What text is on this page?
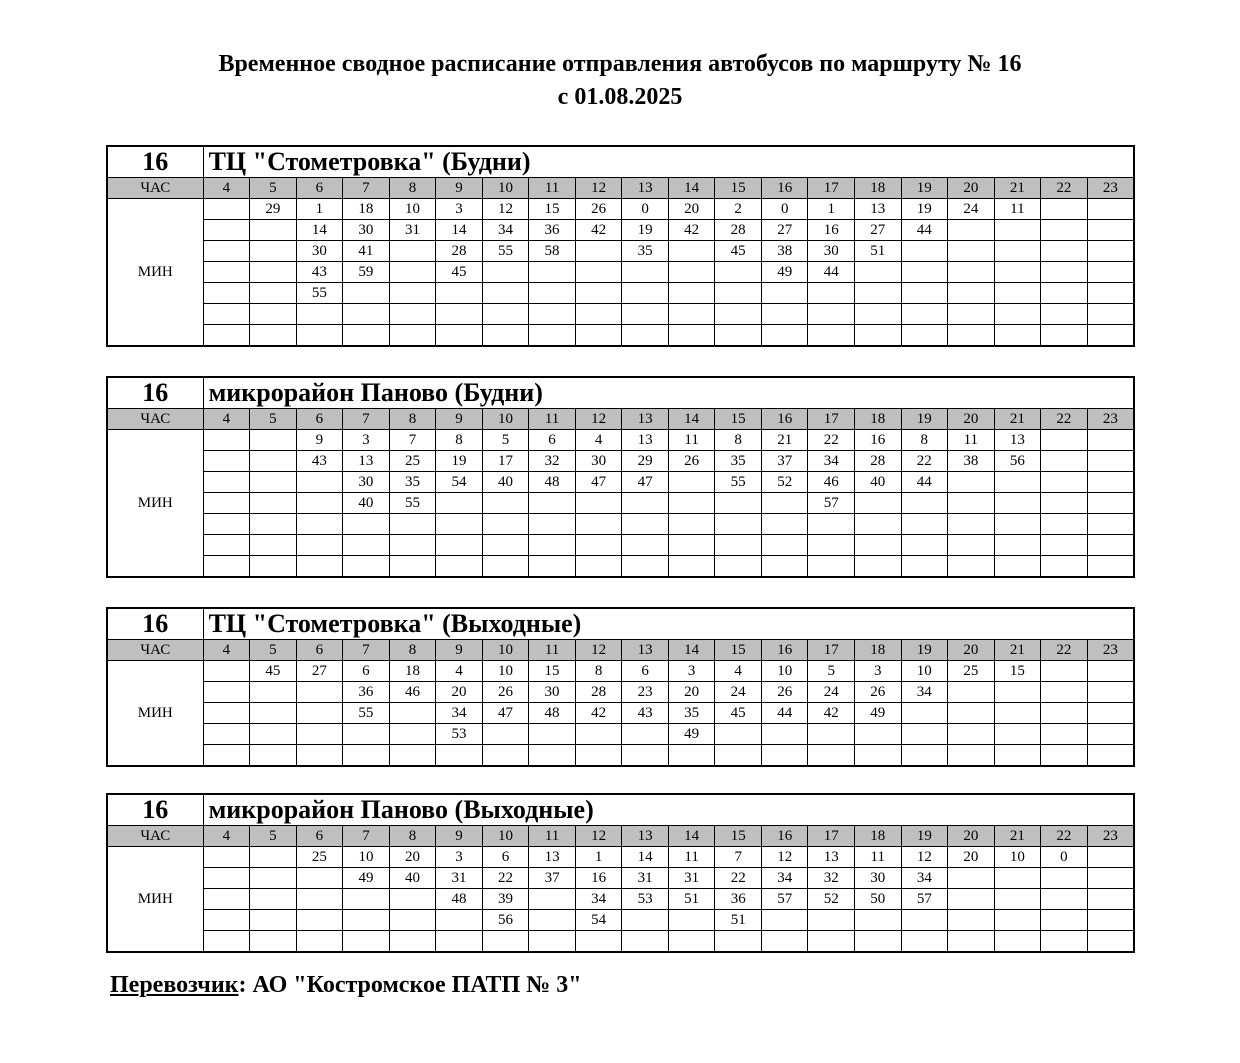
Временное сводное расписание отправления автобусов по маршруту № 16
с 01.08.2025
16	ТЦ "Стометровка" (Будни)																			
ЧАС	4	5	6	7	8	9	10	11	12	13	14	15	16	17	18	19	20	21	22	23
МИН		29	1	18	10	3	12	15	26	0	20	2	0	1	13	19	24	11		
			14	30	31	14	34	36	42	19	42	28	27	16	27	44				
			30	41		28	55	58		35		45	38	30	51					
			43	59		45							49	44						
			55																	

16	микрорайон Паново (Будни)																			
ЧАС	4	5	6	7	8	9	10	11	12	13	14	15	16	17	18	19	20	21	22	23
МИН			9	3	7	8	5	6	4	13	11	8	21	22	16	8	11	13		
			43	13	25	19	17	32	30	29	26	35	37	34	28	22	38	56		
				30	35	54	40	48	47	47		55	52	46	40	44				
				40	55									57						

16	ТЦ "Стометровка" (Выходные)																			
ЧАС	4	5	6	7	8	9	10	11	12	13	14	15	16	17	18	19	20	21	22	23
МИН		45	27	6	18	4	10	15	8	6	3	4	10	5	3	10	25	15		
				36	46	20	26	30	28	23	20	24	26	24	26	34				
				55		34	47	48	42	43	35	45	44	42	49					
						53					49									

16	микрорайон Паново (Выходные)																			
ЧАС	4	5	6	7	8	9	10	11	12	13	14	15	16	17	18	19	20	21	22	23
МИН			25	10	20	3	6	13	1	14	11	7	12	13	11	12	20	10	0	
				49	40	31	22	37	16	31	31	22	34	32	30	34				
						48	39		34	53	51	36	57	52	50	57				
							56		54			51								

Перевозчик: АО "Костромское ПАТП № 3"
